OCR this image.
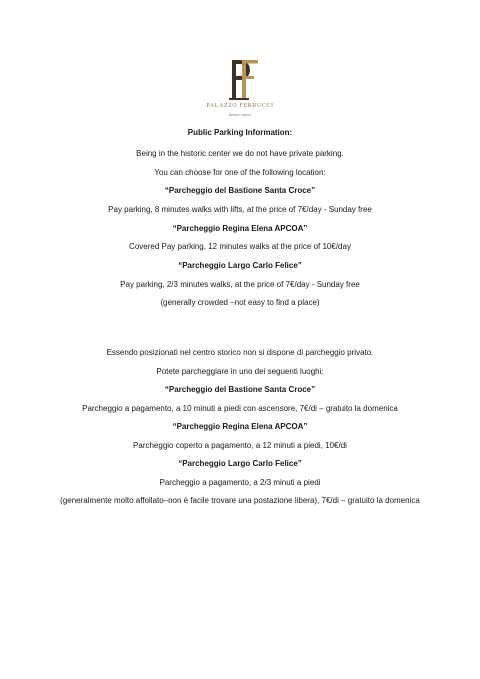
PALAZZO FERRUCCI
luxury suites
Public Parking Information:
Being in the historic center we do not have private parking.
You can choose for one of the following location:
“Parcheggio del Bastione Santa Croce”
Pay parking, 8 minutes walks with lifts, at the price of 7€/day - Sunday free
“Parcheggio Regina Elena APCOA”
Covered Pay parking, 12 minutes walks at the price of 10€/day
“Parcheggio Largo Carlo Felice”
Pay parking, 2/3 minutes walks, at the price of 7€/day - Sunday free
(generally crowded –not easy to find a place)
Essendo posizionati nel centro storico non si dispone di parcheggio privato.
Potete parcheggiare in uno dei seguenti luoghi:
“Parcheggio del Bastione Santa Croce”
Parcheggio a pagamento, a 10 minuti a piedi con ascensore, 7€/di – gratuito la domenica
“Parcheggio Regina Elena APCOA”
Parcheggio coperto a pagamento, a 12 minuti a piedi, 10€/di
“Parcheggio Largo Carlo Felice”
Parcheggio a pagamento, a 2/3 minuti a piedi
(generalmente molto affollato–non è facile trovare una postazione libera), 7€/di – gratuito la domenica
